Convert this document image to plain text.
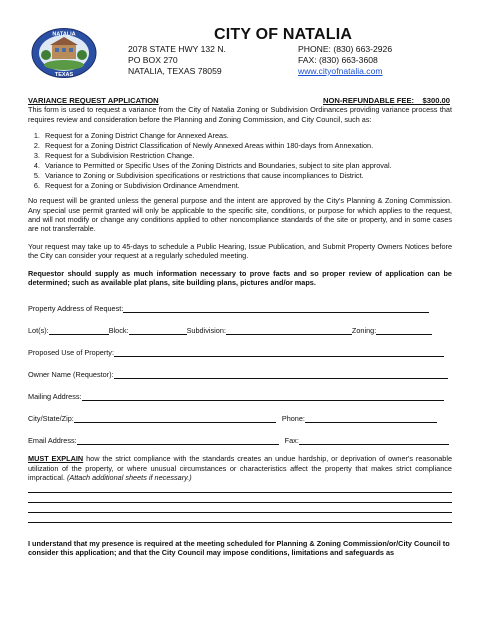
NATALIA
TEXAS
CITY OF NATALIA
2078 STATE HWY 132 N.
PO BOX 270
NATALIA, TEXAS 78059
PHONE: (830) 663-2926
FAX: (830) 663-3608
www.cityofnatalia.com
VARIANCE REQUEST APPLICATION	NON-REFUNDABLE FEE: $300.00

This form is used to request a variance from the City of Natalia Zoning or Subdivision Ordinances providing variance process that requires review and consideration before the Planning and Zoning Commission, and City Council, such as:

1. Request for a Zoning District Change for Annexed Areas.
2. Request for a Zoning District Classification of Newly Annexed Areas within 180-days from Annexation.
3. Request for a Subdivision Restriction Change.
4. Variance to Permitted or Specific Uses of the Zoning Districts and Boundaries, subject to site plan approval.
5. Variance to Zoning or Subdivision specifications or restrictions that cause incompliances to District.
6. Request for a Zoning or Subdivision Ordinance Amendment.

No request will be granted unless the general purpose and the intent are approved by the City's Planning & Zoning Commission. Any special use permit granted will only be applicable to the specific site, conditions, or purpose for which applies to the request, and will not modify or change any conditions applied to other noncompliance standards of the site or property, and in some cases are not transferrable.

Your request may take up to 45-days to schedule a Public Hearing, Issue Publication, and Submit Property Owners Notices before the City can consider your request at a regularly scheduled meeting.

Requestor should supply as much information necessary to prove facts and so proper review of application can be determined; such as available plat plans, site building plans, pictures and/or maps.

Property Address of Request:
Lot(s):	Block:	Subdivision:	Zoning:
Proposed Use of Property:
Owner Name (Requestor):
Mailing Address:
City/State/Zip:	Phone:
Email Address:	Fax:

MUST EXPLAIN how the strict compliance with the standards creates an undue hardship, or deprivation of owner's reasonable utilization of the property, or where unusual circumstances or characteristics affect the property that makes strict compliance impractical. (Attach additional sheets if necessary.)

I understand that my presence is required at the meeting scheduled for Planning & Zoning Commission/or/City Council to consider this application; and that the City Council may impose conditions, limitations and safeguards as
